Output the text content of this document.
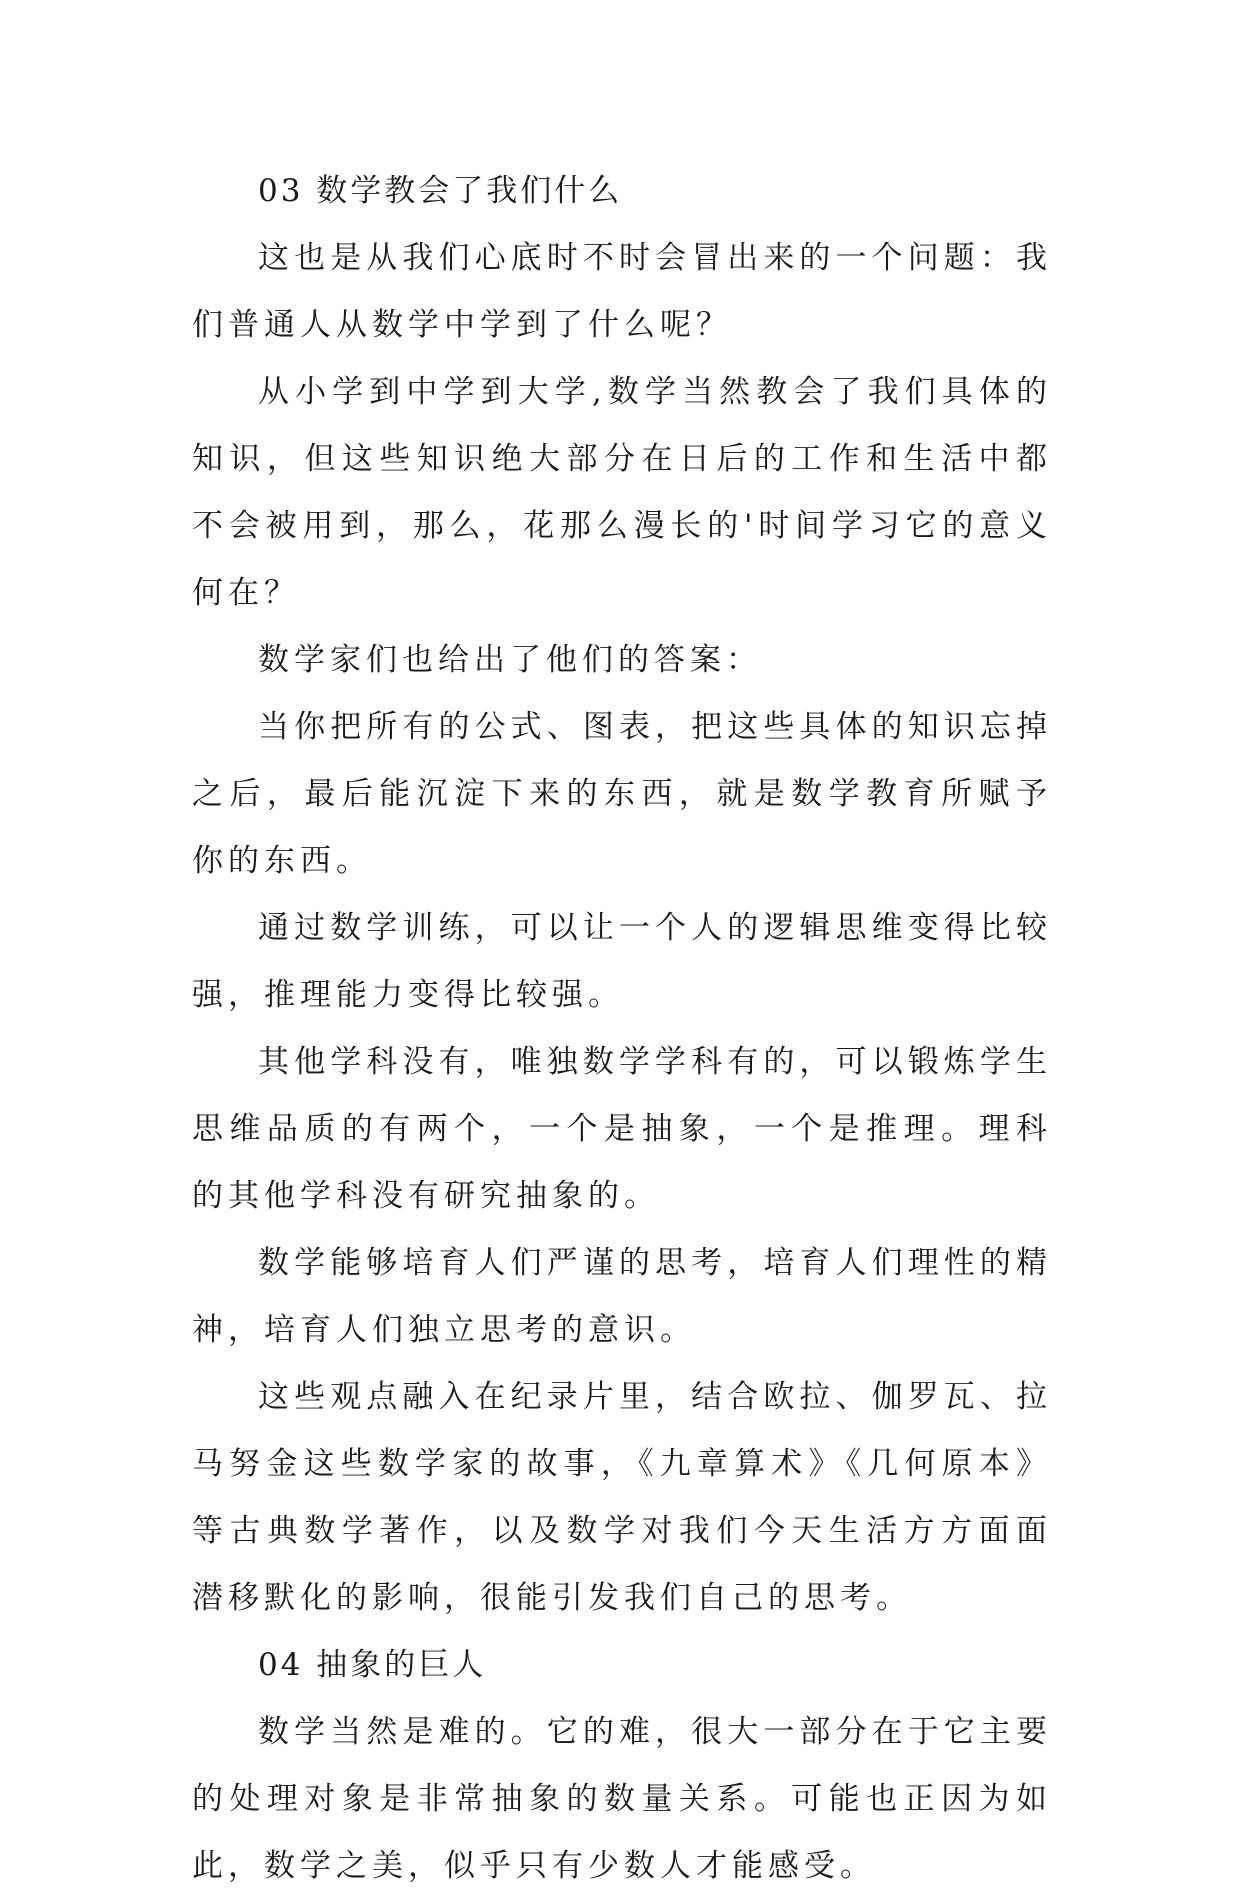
03 数学教会了我们什么

这也是从我们心底时不时会冒出来的一个问题：我们普通人从数学中学到了什么呢？

从小学到中学到大学,数学当然教会了我们具体的知识，但这些知识绝大部分在日后的工作和生活中都不会被用到，那么，花那么漫长的'时间学习它的意义何在？

数学家们也给出了他们的答案：

当你把所有的公式、图表，把这些具体的知识忘掉之后，最后能沉淀下来的东西，就是数学教育所赋予你的东西。

通过数学训练，可以让一个人的逻辑思维变得比较强，推理能力变得比较强。

其他学科没有，唯独数学学科有的，可以锻炼学生思维品质的有两个，一个是抽象，一个是推理。理科的其他学科没有研究抽象的。

数学能够培育人们严谨的思考，培育人们理性的精神，培育人们独立思考的意识。

这些观点融入在纪录片里，结合欧拉、伽罗瓦、拉马努金这些数学家的故事，《九章算术》《几何原本》等古典数学著作，以及数学对我们今天生活方方面面潜移默化的影响，很能引发我们自己的思考。

04 抽象的巨人

数学当然是难的。它的难，很大一部分在于它主要的处理对象是非常抽象的数量关系。可能也正因为如此，数学之美，似乎只有少数人才能感受。
